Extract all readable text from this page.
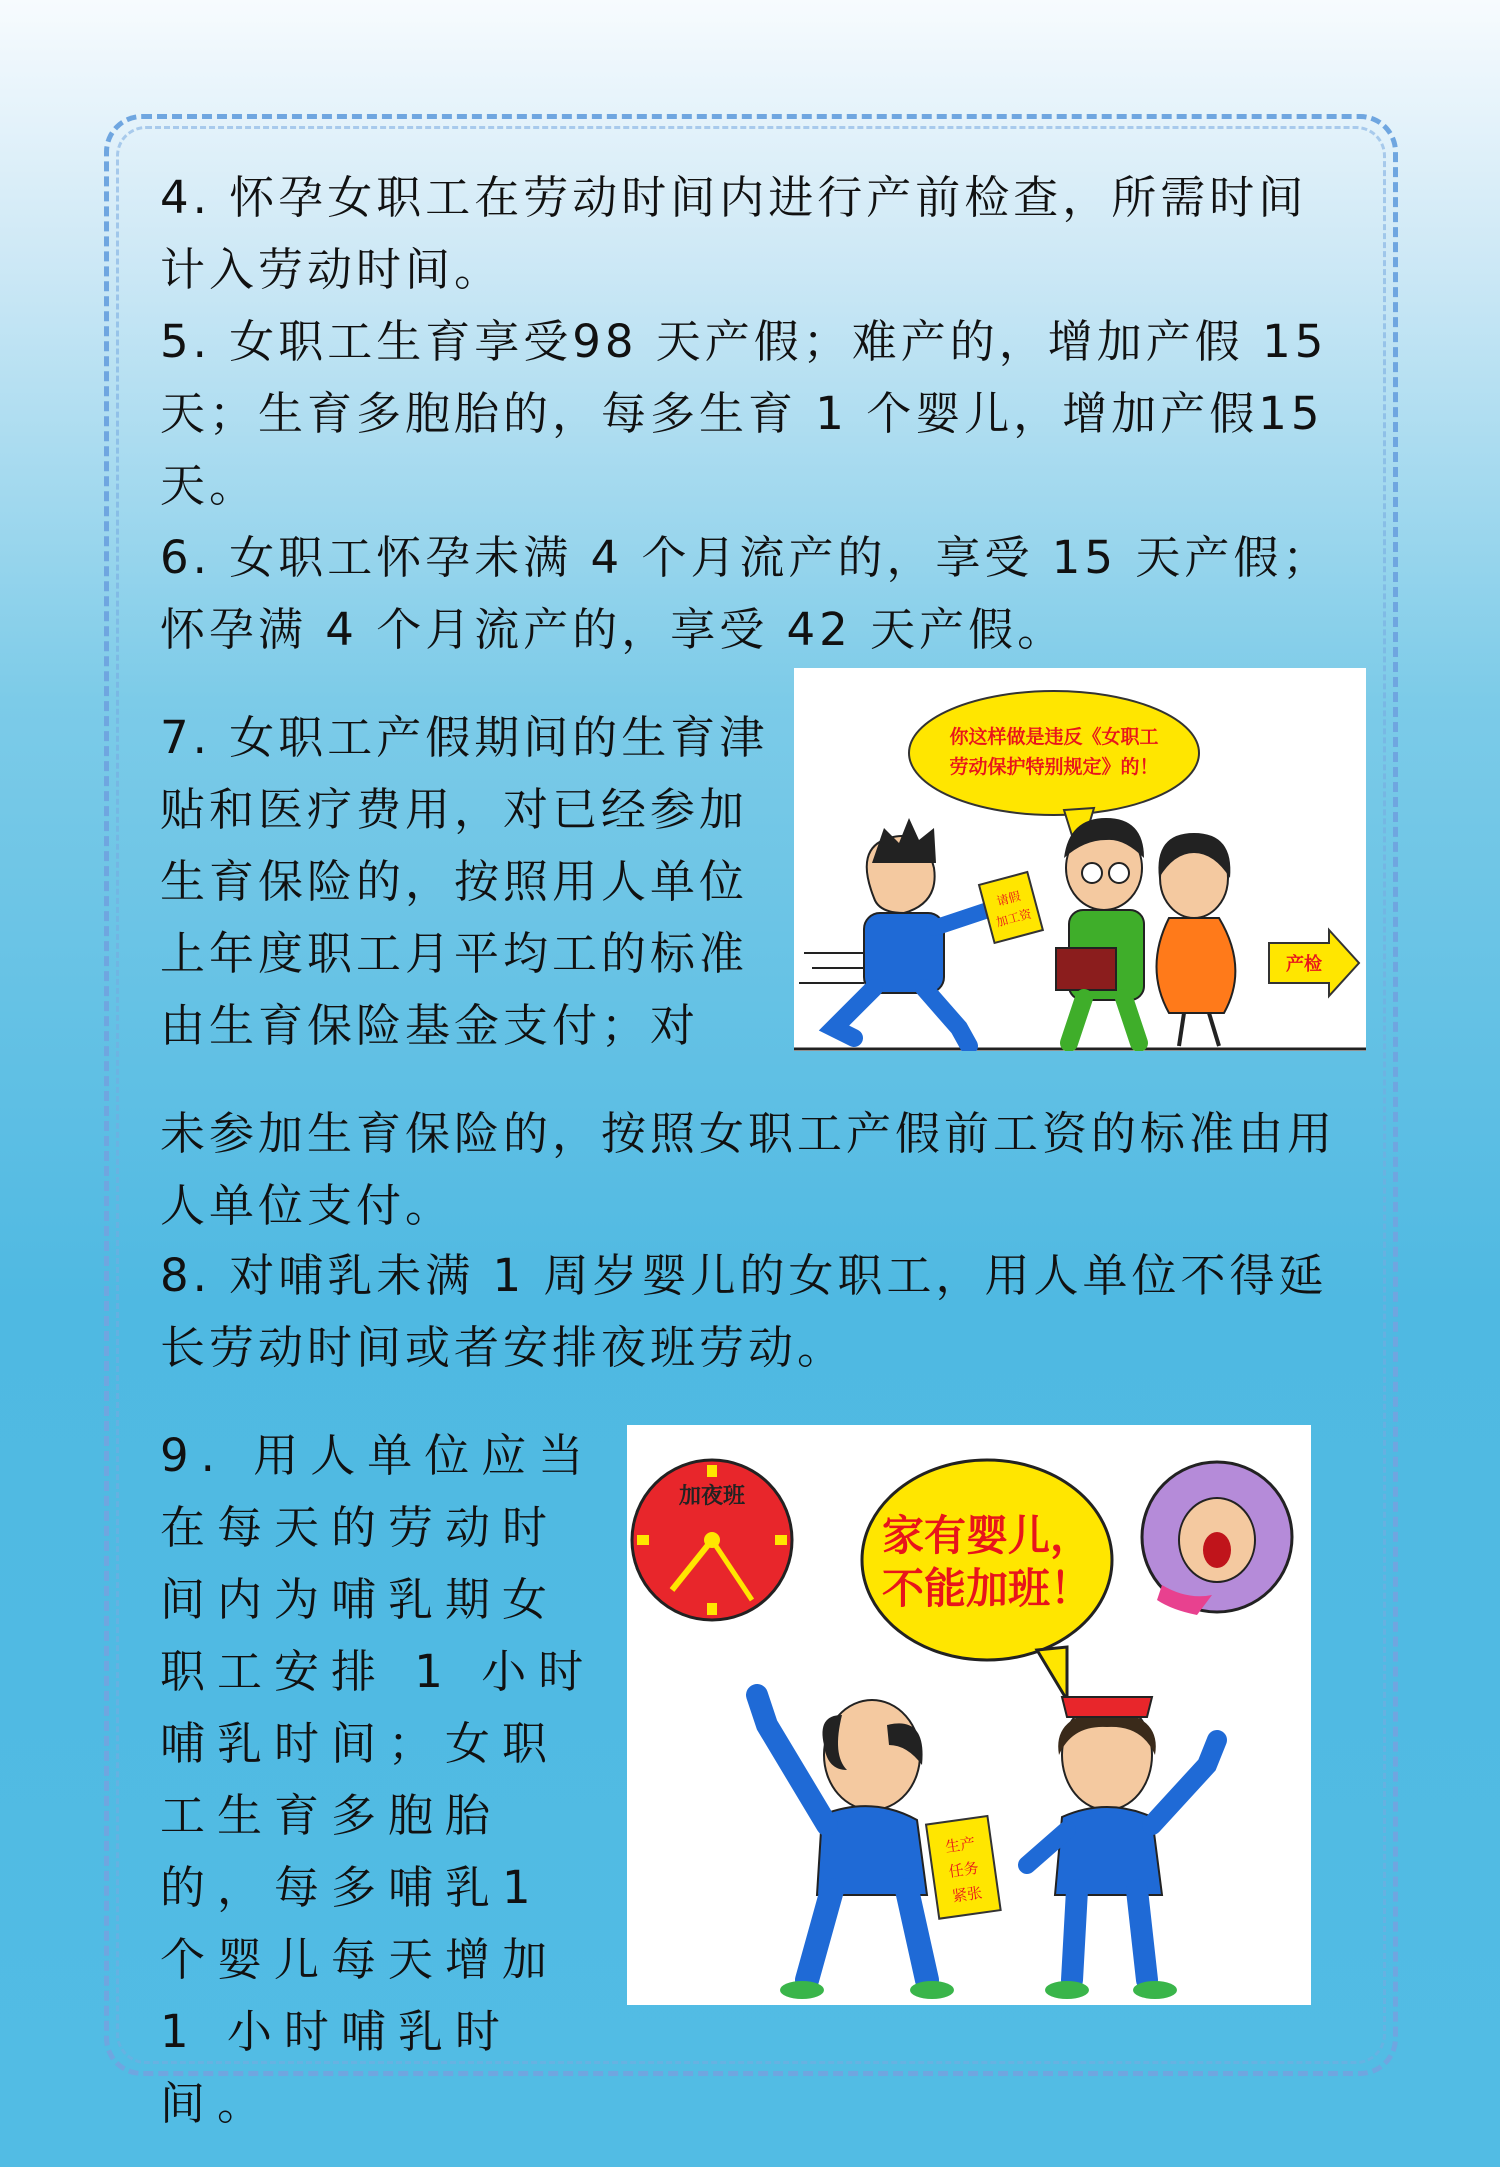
4. 怀孕女职工在劳动时间内进行产前检查，所需时间计入劳动时间。

5. 女职工生育享受98 天产假；难产的，增加产假 15 天；生育多胞胎的，每多生育 1 个婴儿，增加产假15 天。

6. 女职工怀孕未满 4 个月流产的，享受 15 天产假；怀孕满 4 个月流产的，享受 42 天产假。

7. 女职工产假期间的生育津贴和医疗费用，对已经参加生育保险的，按照用人单位上年度职工月平均工的标准由生育保险基金支付；对

未参加生育保险的，按照女职工产假前工资的标准由用人单位支付。

8. 对哺乳未满 1 周岁婴儿的女职工，用人单位不得延长劳动时间或者安排夜班劳动。

9. 用人单位应当在每天的劳动时间内为哺乳期女职工安排 1 小时哺乳时间；女职工生育多胞胎的，每多哺乳1 个婴儿每天增加 1 小时哺乳时间。

你这样做是违反《女职工
劳动保护特别规定》的！
请假
加工资
产检
加夜班
家有婴儿，
不能加班！
生产
任务
紧张
